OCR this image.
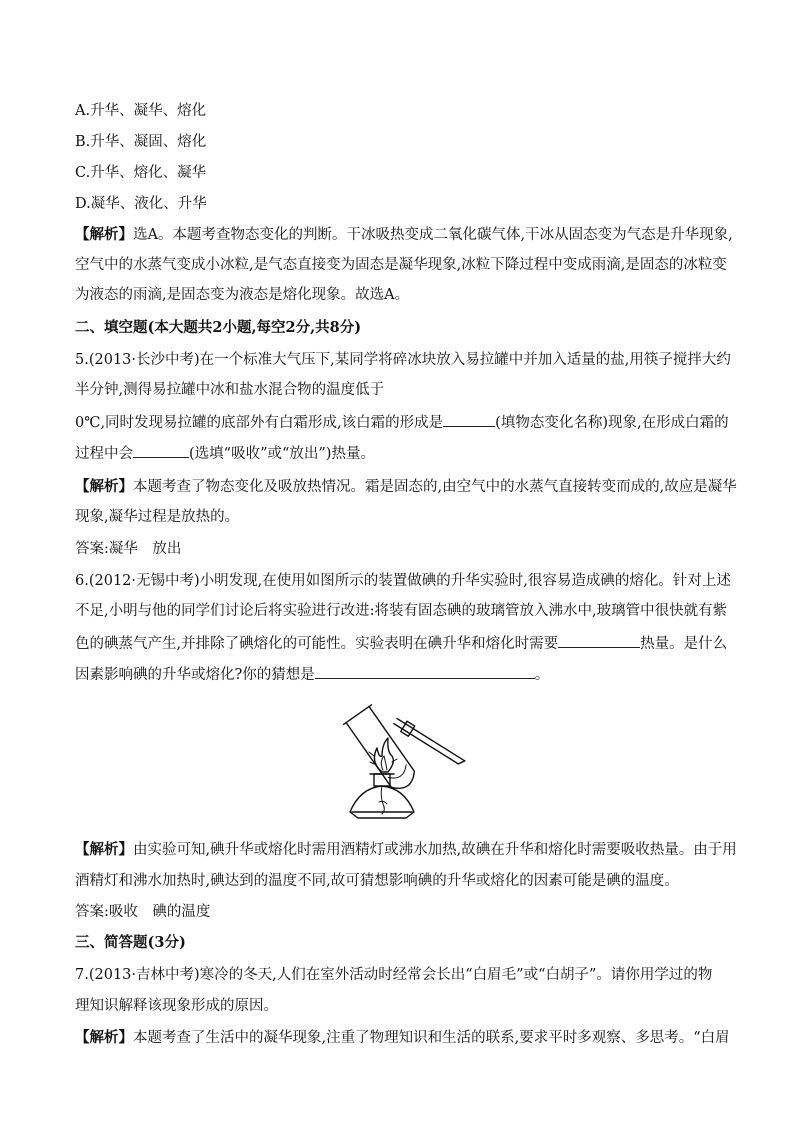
A.升华、凝华、熔化
B.升华、凝固、熔化
C.升华、熔化、凝华
D.凝华、液化、升华
【解析】选A。本题考查物态变化的判断。干冰吸热变成二氧化碳气体,干冰从固态变为气态是升华现象,
空气中的水蒸气变成小冰粒,是气态直接变为固态是凝华现象,冰粒下降过程中变成雨滴,是固态的冰粒变
为液态的雨滴,是固态变为液态是熔化现象。故选A。
二、填空题(本大题共2小题,每空2分,共8分)
5.(2013·长沙中考)在一个标准大气压下,某同学将碎冰块放入易拉罐中并加入适量的盐,用筷子搅拌大约
半分钟,测得易拉罐中冰和盐水混合物的温度低于
0℃,同时发现易拉罐的底部外有白霜形成,该白霜的形成是	(填物态变化名称)现象,在形成白霜的
过程中会	(选填“吸收”或“放出”)热量。
【解析】本题考查了物态变化及吸放热情况。霜是固态的,由空气中的水蒸气直接转变而成的,故应是凝华
现象,凝华过程是放热的。
答案:凝华　放出
6.(2012·无锡中考)小明发现,在使用如图所示的装置做碘的升华实验时,很容易造成碘的熔化。针对上述
不足,小明与他的同学们讨论后将实验进行改进:将装有固态碘的玻璃管放入沸水中,玻璃管中很快就有紫
色的碘蒸气产生,并排除了碘熔化的可能性。实验表明在碘升华和熔化时需要	热量。是什么
因素影响碘的升华或熔化?你的猜想是	。
【解析】由实验可知,碘升华或熔化时需用酒精灯或沸水加热,故碘在升华和熔化时需要吸收热量。由于用
酒精灯和沸水加热时,碘达到的温度不同,故可猜想影响碘的升华或熔化的因素可能是碘的温度。
答案:吸收　碘的温度
三、简答题(3分)
7.(2013·吉林中考)寒冷的冬天,人们在室外活动时经常会长出“白眉毛”或“白胡子”。请你用学过的物
理知识解释该现象形成的原因。
【解析】本题考查了生活中的凝华现象,注重了物理知识和生活的联系,要求平时多观察、多思考。“白眉
